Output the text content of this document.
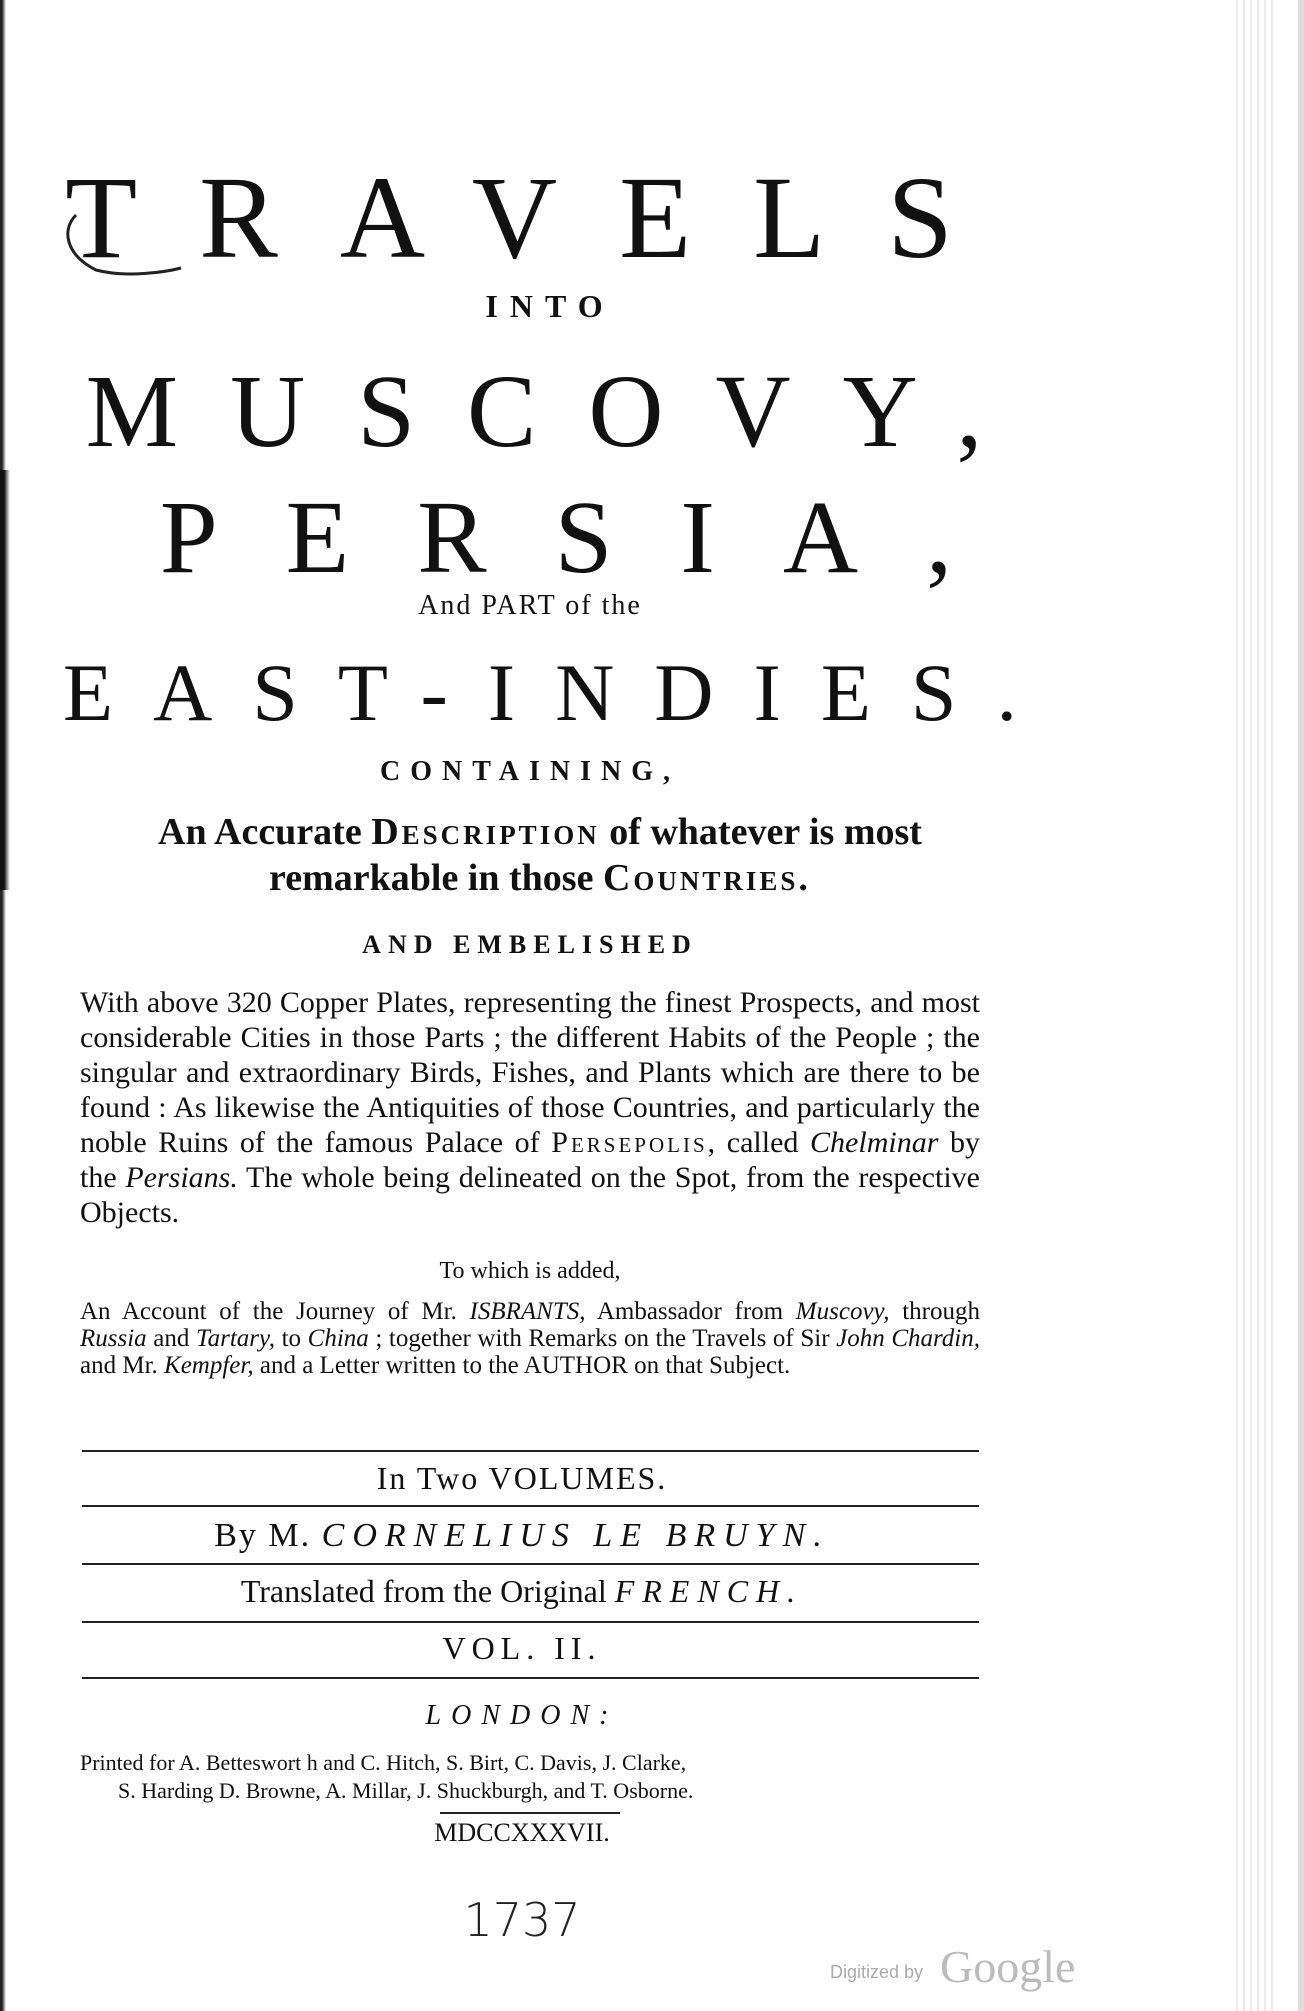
TRAVELS
INTO
MUSCOVY,
PERSIA,
And PART of the
EAST-INDIES.
CONTAINING,
An Accurate Description of whatever is most
remarkable in those Countries.
AND EMBELISHED

With above 320 Copper Plates, representing the finest Prospects, and most considerable Cities in those Parts ; the different Habits of the People ; the singular and extraordinary Birds, Fishes, and Plants which are there to be found : As likewise the Antiquities of those Countries, and particularly the noble Ruins of the famous Palace of Persepolis, called Chelminar by the Persians. The whole being delineated on the Spot, from the respective Objects.

To which is added,
An Account of the Journey of Mr. ISBRANTS, Ambassador from Muscovy, through Russia and Tartary, to China ; together with Remarks on the Travels of Sir John Chardin, and Mr. Kempfer, and a Letter written to the AUTHOR on that Subject.
In Two VOLUMES.
By M. CORNELIUS LE BRUYN.
Translated from the Original FRENCH.
VOL. II.
LONDON:
Printed for A. Betteswort h and C. Hitch, S. Birt, C. Davis, J. Clarke,
S. Harding D. Browne, A. Millar, J. Shuckburgh, and T. Osborne.
MDCCXXXVII.
1737
Digitized by Google
